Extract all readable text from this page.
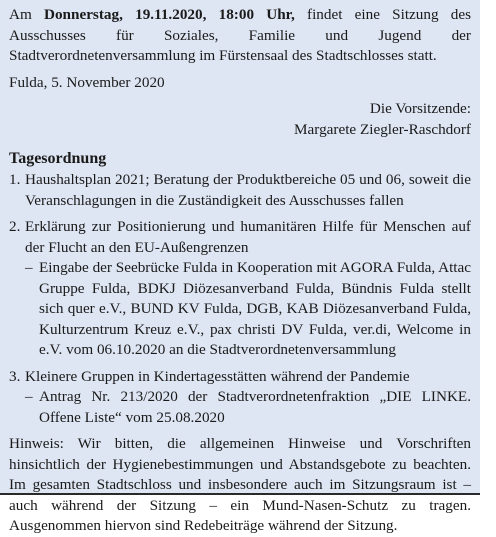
Am Donnerstag, 19.11.2020, 18:00 Uhr, findet eine Sitzung des Ausschusses für Soziales, Familie und Jugend der Stadtverordnetenversammlung im Fürstensaal des Stadtschlosses statt.

Fulda, 5. November 2020

Die Vorsitzende:

Margarete Ziegler-Raschdorf

Tagesordnung
1. Haushaltsplan 2021; Beratung der Produktbereiche 05 und 06, soweit die Veranschlagungen in die Zuständigkeit des Ausschusses fallen

2. Erklärung zur Positionierung und humanitären Hilfe für Menschen auf der Flucht an den EU-Außengrenzen

– Eingabe der Seebrücke Fulda in Kooperation mit AGORA Fulda, Attac Gruppe Fulda, BDKJ Diözesanverband Fulda, Bündnis Fulda stellt sich quer e.V., BUND KV Fulda, DGB, KAB Diözesanverband Fulda, Kulturzentrum Kreuz e.V., pax christi DV Fulda, ver.di, Welcome in e.V. vom 06.10.2020 an die Stadtverordnetenversammlung

3. Kleinere Gruppen in Kindertagesstätten während der Pandemie

– Antrag Nr. 213/2020 der Stadtverordnetenfraktion „DIE LINKE. Offene Liste“ vom 25.08.2020

Hinweis: Wir bitten, die allgemeinen Hinweise und Vorschriften hinsichtlich der Hygienebestimmungen und Abstandsgebote zu beachten. Im gesamten Stadtschloss und insbesondere auch im Sitzungsraum ist – auch während der Sitzung – ein Mund-Nasen-Schutz zu tragen. Ausgenommen hiervon sind Redebeiträge während der Sitzung.
